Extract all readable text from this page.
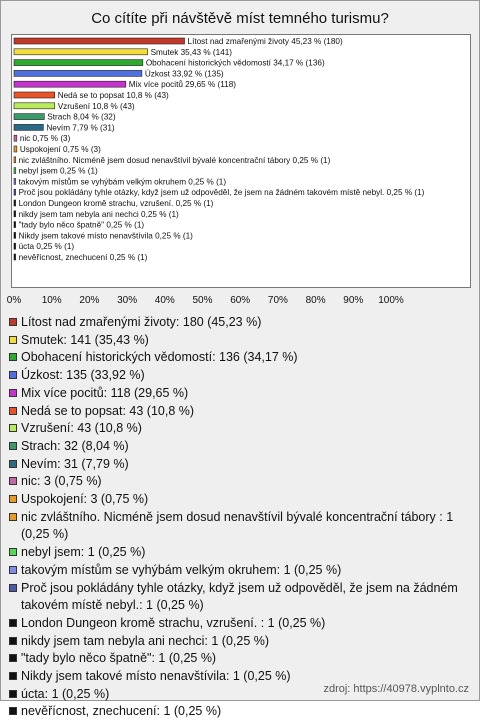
Co cítíte při návštěvě míst temného turismu?
Lítost nad zmařenými životy 45,23 % (180)
Smutek 35,43 % (141)
Obohacení historických vědomostí 34,17 % (136)
Úzkost 33,92 % (135)
Mix více pocitů 29,65 % (118)
Nedá se to popsat 10,8 % (43)
Vzrušení 10,8 % (43)
Strach 8,04 % (32)
Nevím 7,79 % (31)
nic 0,75 % (3)
Uspokojení 0,75 % (3)
nic zvláštního. Nicméně jsem dosud nenavštívil bývalé koncentrační tábory 0,25 % (1)
nebyl jsem 0,25 % (1)
takovým místům se vyhýbám velkým okruhem 0,25 % (1)
Proč jsou pokládány tyhle otázky, když jsem už odpověděl, že jsem na žádném takovém místě nebyl. 0,25 % (1)
London Dungeon kromě strachu, vzrušení. 0,25 % (1)
nikdy jsem tam nebyla ani nechci 0,25 % (1)
"tady bylo něco špatně" 0,25 % (1)
Nikdy jsem takové místo nenavštívila 0,25 % (1)
úcta 0,25 % (1)
nevěřícnost, znechucení 0,25 % (1)
0% 10% 20% 30% 40% 50% 60% 70% 80% 90% 100%
Lítost nad zmařenými životy: 180 (45,23 %)
Smutek: 141 (35,43 %)
Obohacení historických vědomostí: 136 (34,17 %)
Úzkost: 135 (33,92 %)
Mix více pocitů: 118 (29,65 %)
Nedá se to popsat: 43 (10,8 %)
Vzrušení: 43 (10,8 %)
Strach: 32 (8,04 %)
Nevím: 31 (7,79 %)
nic: 3 (0,75 %)
Uspokojení: 3 (0,75 %)
nic zvláštního. Nicméně jsem dosud nenavštívil bývalé koncentrační tábory : 1 (0,25 %)
nebyl jsem: 1 (0,25 %)
takovým místům se vyhýbám velkým okruhem: 1 (0,25 %)
Proč jsou pokládány tyhle otázky, když jsem už odpověděl, že jsem na žádném takovém místě nebyl.: 1 (0,25 %)
London Dungeon kromě strachu, vzrušení. : 1 (0,25 %)
nikdy jsem tam nebyla ani nechci: 1 (0,25 %)
"tady bylo něco špatně": 1 (0,25 %)
Nikdy jsem takové místo nenavštívila: 1 (0,25 %)
úcta: 1 (0,25 %)
nevěřícnost, znechucení: 1 (0,25 %)
zdroj: https://40978.vyplnto.cz
